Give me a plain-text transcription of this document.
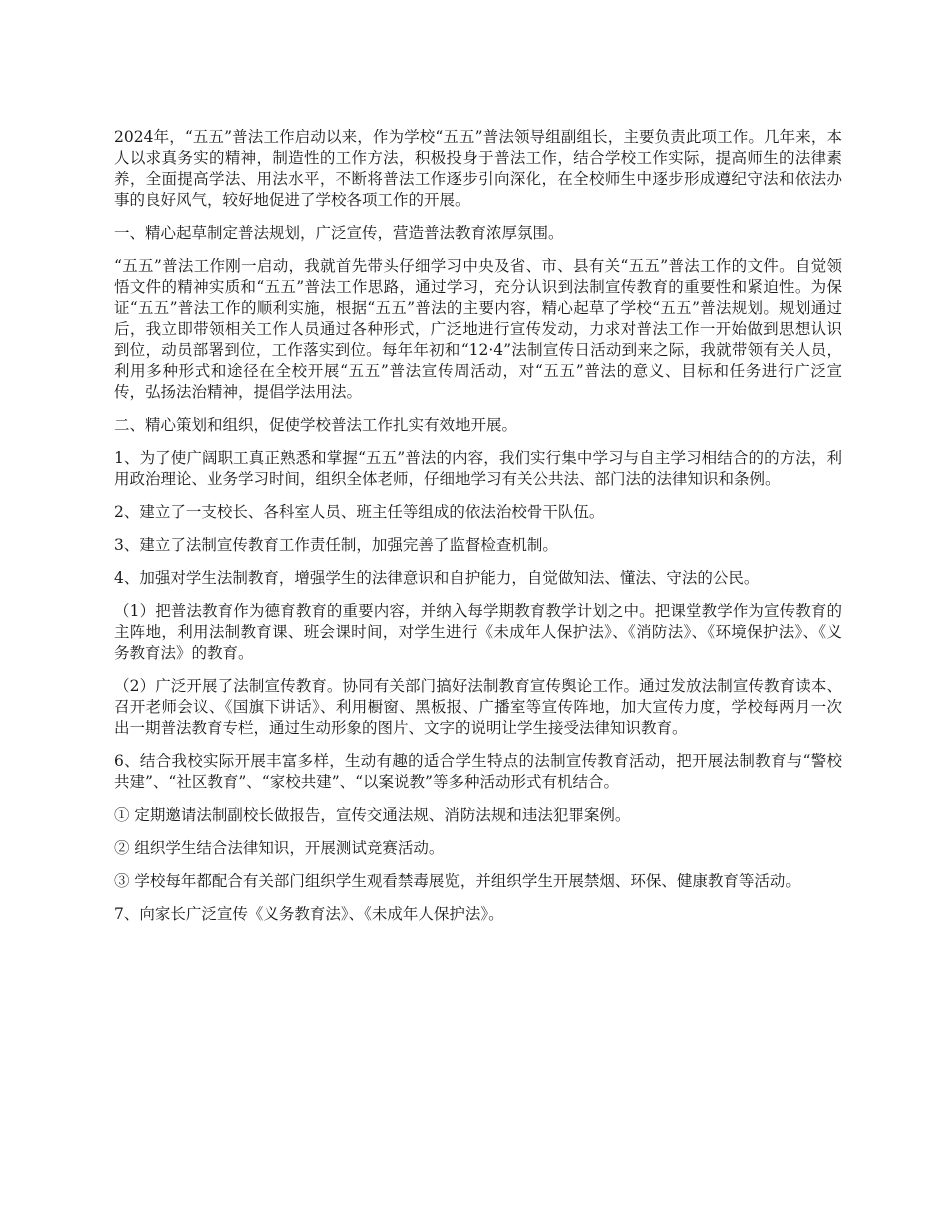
2024年，“五五”普法工作启动以来，作为学校“五五”普法领导组副组长，主要负责此项工作。几年来，本人以求真务实的精神，制造性的工作方法，积极投身于普法工作，结合学校工作实际，提高师生的法律素养，全面提高学法、用法水平，不断将普法工作逐步引向深化，在全校师生中逐步形成遵纪守法和依法办事的良好风气，较好地促进了学校各项工作的开展。

一、精心起草制定普法规划，广泛宣传，营造普法教育浓厚氛围。

“五五”普法工作刚一启动，我就首先带头仔细学习中央及省、市、县有关“五五”普法工作的文件。自觉领悟文件的精神实质和“五五”普法工作思路，通过学习，充分认识到法制宣传教育的重要性和紧迫性。为保证“五五”普法工作的顺利实施，根据“五五”普法的主要内容，精心起草了学校“五五”普法规划。规划通过后，我立即带领相关工作人员通过各种形式，广泛地进行宣传发动，力求对普法工作一开始做到思想认识到位，动员部署到位，工作落实到位。每年年初和“12·4”法制宣传日活动到来之际，我就带领有关人员，利用多种形式和途径在全校开展“五五”普法宣传周活动，对“五五”普法的意义、目标和任务进行广泛宣传，弘扬法治精神，提倡学法用法。

二、精心策划和组织，促使学校普法工作扎实有效地开展。

1、为了使广阔职工真正熟悉和掌握“五五”普法的内容，我们实行集中学习与自主学习相结合的的方法，利用政治理论、业务学习时间，组织全体老师，仔细地学习有关公共法、部门法的法律知识和条例。

2、建立了一支校长、各科室人员、班主任等组成的依法治校骨干队伍。

3、建立了法制宣传教育工作责任制，加强完善了监督检查机制。

4、加强对学生法制教育，增强学生的法律意识和自护能力，自觉做知法、懂法、守法的公民。

（1）把普法教育作为德育教育的重要内容，并纳入每学期教育教学计划之中。把课堂教学作为宣传教育的主阵地，利用法制教育课、班会课时间，对学生进行《未成年人保护法》、《消防法》、《环境保护法》、《义务教育法》的教育。

（2）广泛开展了法制宣传教育。协同有关部门搞好法制教育宣传舆论工作。通过发放法制宣传教育读本、召开老师会议、《国旗下讲话》、利用橱窗、黑板报、广播室等宣传阵地，加大宣传力度，学校每两月一次出一期普法教育专栏，通过生动形象的图片、文字的说明让学生接受法律知识教育。

6、结合我校实际开展丰富多样，生动有趣的适合学生特点的法制宣传教育活动，把开展法制教育与“警校共建”、“社区教育”、“家校共建”、“以案说教”等多种活动形式有机结合。

① 定期邀请法制副校长做报告，宣传交通法规、消防法规和违法犯罪案例。

② 组织学生结合法律知识，开展测试竞赛活动。

③ 学校每年都配合有关部门组织学生观看禁毒展览，并组织学生开展禁烟、环保、健康教育等活动。

7、向家长广泛宣传《义务教育法》、《未成年人保护法》。
